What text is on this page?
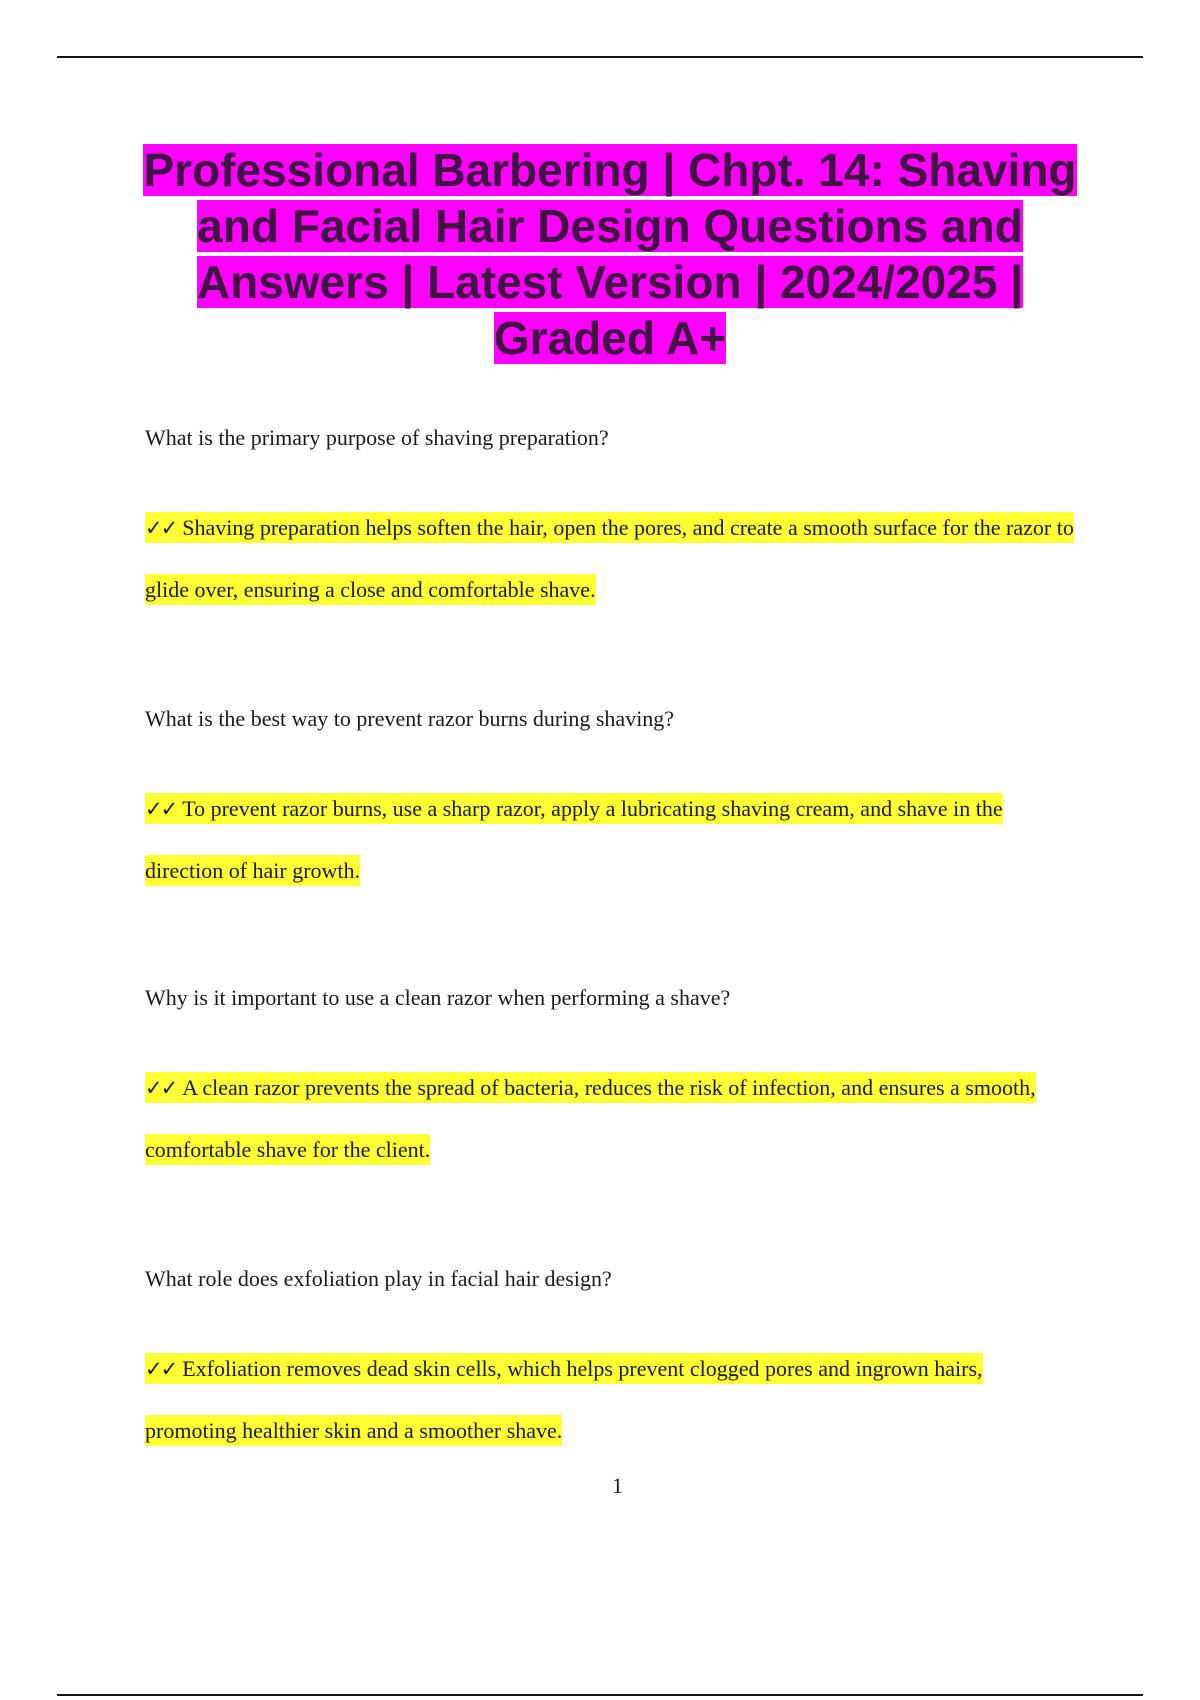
Professional Barbering | Chpt. 14: Shaving and Facial Hair Design Questions and Answers | Latest Version | 2024/2025 | Graded A+

What is the primary purpose of shaving preparation?

✓✓ Shaving preparation helps soften the hair, open the pores, and create a smooth surface for the razor to glide over, ensuring a close and comfortable shave.

What is the best way to prevent razor burns during shaving?

✓✓ To prevent razor burns, use a sharp razor, apply a lubricating shaving cream, and shave in the direction of hair growth.

Why is it important to use a clean razor when performing a shave?

✓✓ A clean razor prevents the spread of bacteria, reduces the risk of infection, and ensures a smooth, comfortable shave for the client.

What role does exfoliation play in facial hair design?

✓✓ Exfoliation removes dead skin cells, which helps prevent clogged pores and ingrown hairs, promoting healthier skin and a smoother shave.

1
